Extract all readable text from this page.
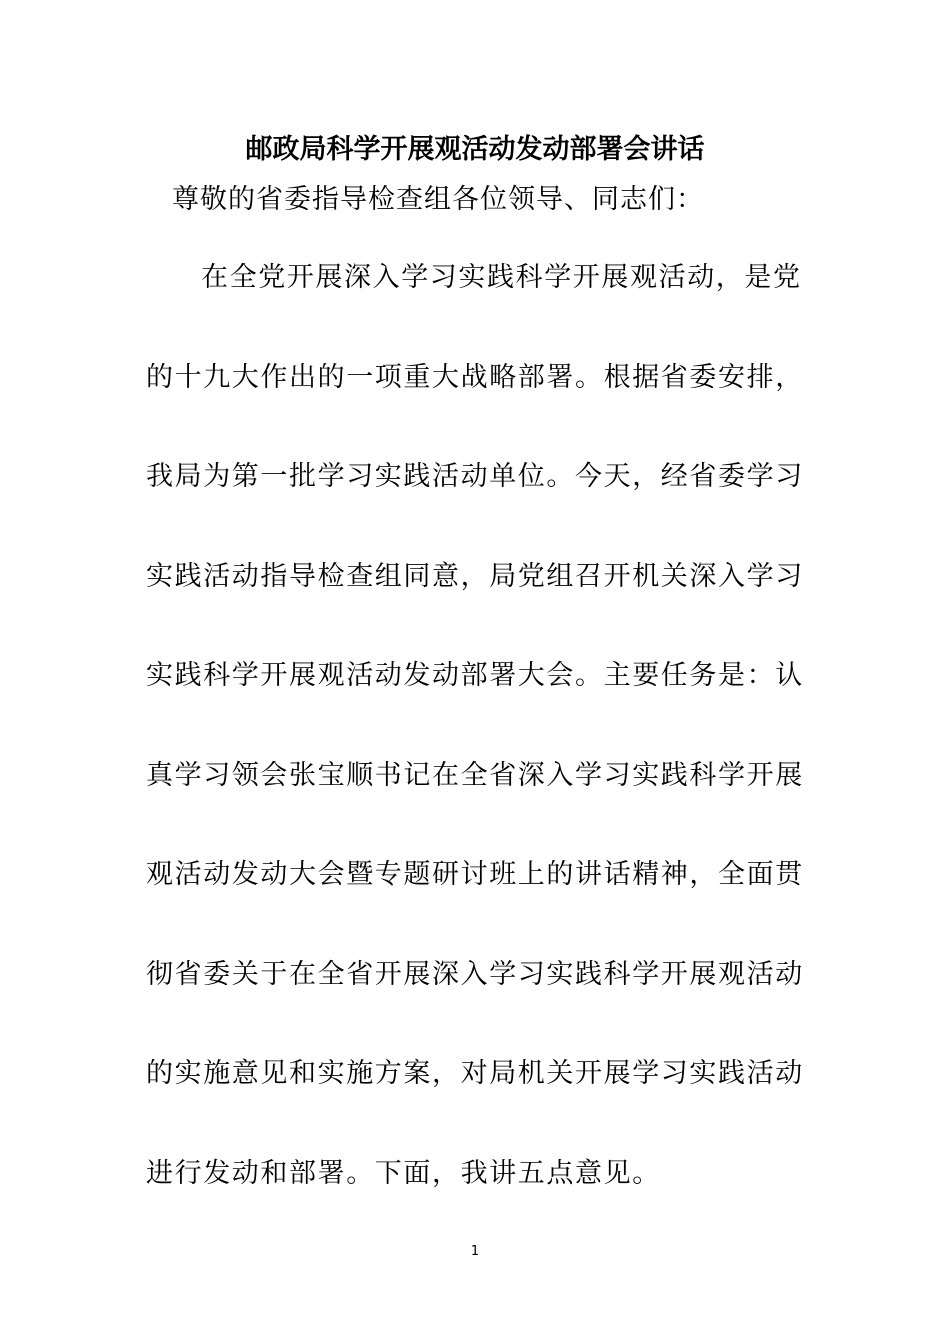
邮政局科学开展观活动发动部署会讲话

尊敬的省委指导检查组各位领导、同志们：

在全党开展深入学习实践科学开展观活动，是党

的十九大作出的一项重大战略部署。根据省委安排，

我局为第一批学习实践活动单位。今天，经省委学习

实践活动指导检查组同意，局党组召开机关深入学习

实践科学开展观活动发动部署大会。主要任务是：认

真学习领会张宝顺书记在全省深入学习实践科学开展

观活动发动大会暨专题研讨班上的讲话精神，全面贯

彻省委关于在全省开展深入学习实践科学开展观活动

的实施意见和实施方案，对局机关开展学习实践活动

进行发动和部署。下面，我讲五点意见。

1
